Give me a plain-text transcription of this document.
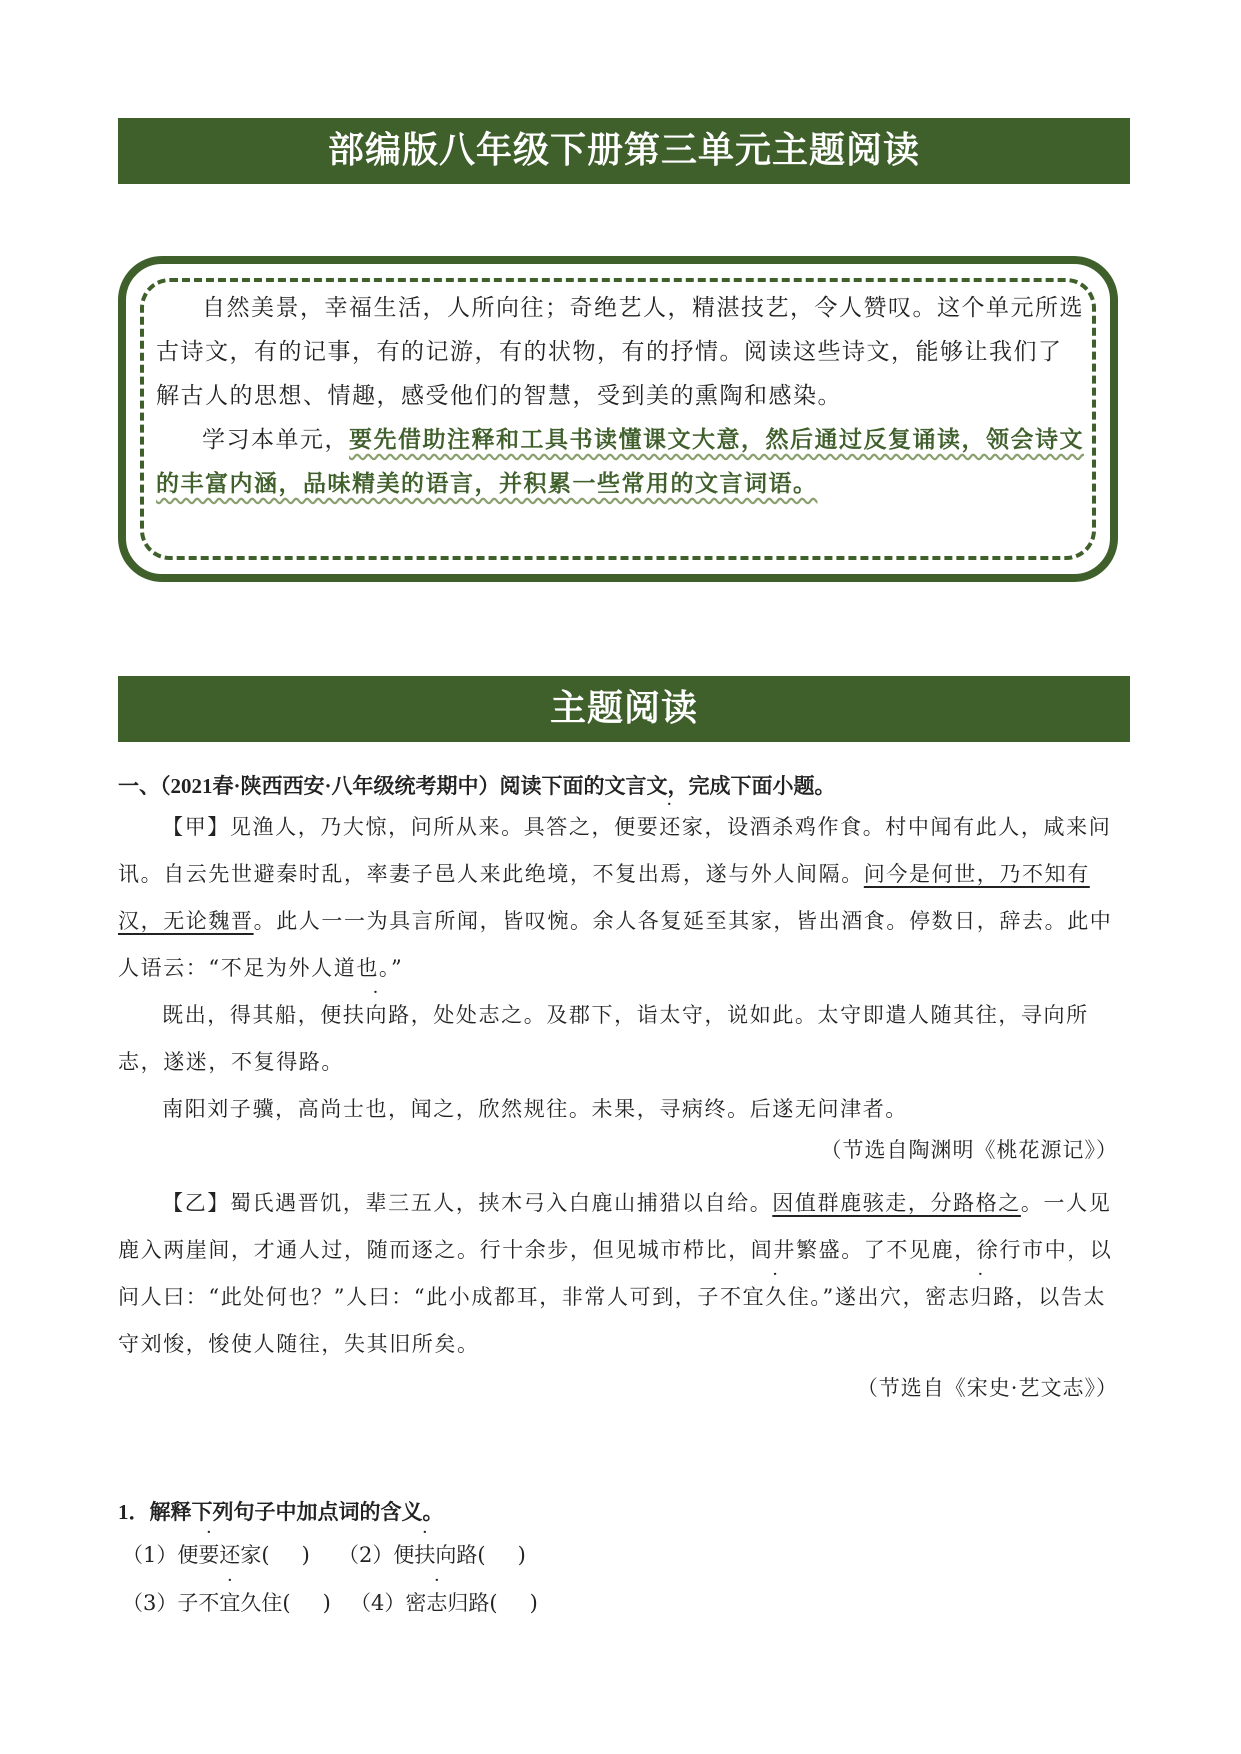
部编版八年级下册第三单元主题阅读

自然美景，幸福生活，人所向往；奇绝艺人，精湛技艺，令人赞叹。这个单元所选古诗文，有的记事，有的记游，有的状物，有的抒情。阅读这些诗文，能够让我们了解古人的思想、情趣，感受他们的智慧，受到美的熏陶和感染。

学习本单元，要先借助注释和工具书读懂课文大意，然后通过反复诵读，领会诗文的丰富内涵，品味精美的语言，并积累一些常用的文言词语。

主题阅读
一、（2021春·陕西西安·八年级统考期中）阅读下面的文言文，完成下面小题。

【甲】见渔人，乃大惊，问所从来。具答之，便要还家，设酒杀鸡作食。村中闻有此人，咸来问讯。自云先世避秦时乱，率妻子邑人来此绝境，不复出焉，遂与外人间隔。问今是何世，乃不知有汉，无论魏晋。此人一一为具言所闻，皆叹惋。余人各复延至其家，皆出酒食。停数日，辞去。此中人语云：“不足为外人道也。”

既出，得其船，便扶向路，处处志之。及郡下，诣太守，说如此。太守即遣人随其往，寻向所志，遂迷，不复得路。

南阳刘子骥，高尚士也，闻之，欣然规往。未果，寻病终。后遂无问津者。

（节选自陶渊明《桃花源记》）

【乙】蜀氏遇晋饥，辈三五人，挟木弓入白鹿山捕猎以自给。因值群鹿骇走，分路格之。一人见鹿入两崖间，才通人过，随而逐之。行十余步，但见城市栉比，闾井繁盛。了不见鹿，徐行市中，以问人曰：“此处何也？”人曰：“此小成都耳，非常人可到，子不宜久住。”遂出穴，密志归路，以告太守刘悛，悛使人随往，失其旧所矣。

（节选自《宋史·艺文志》）
1．解释下列句子中加点词的含义。
（1）便要还家( ) （2）便扶向路( )
（3）子不宜久住( ) （4）密志归路( )
